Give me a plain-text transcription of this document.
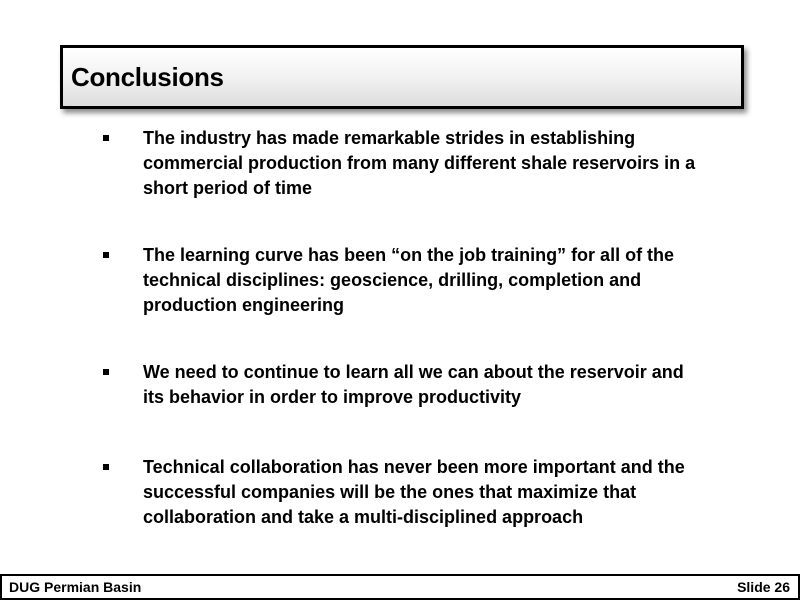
Conclusions
The industry has made remarkable strides in establishing commercial production from many different shale reservoirs in a short period of time
The learning curve has been “on the job training” for all of the technical disciplines: geoscience, drilling, completion and production engineering
We need to continue to learn all we can about the reservoir and its behavior in order to improve productivity
Technical collaboration has never been more important and the successful companies will be the ones that maximize that collaboration and take a multi-disciplined approach
DUG Permian Basin	Slide 26
